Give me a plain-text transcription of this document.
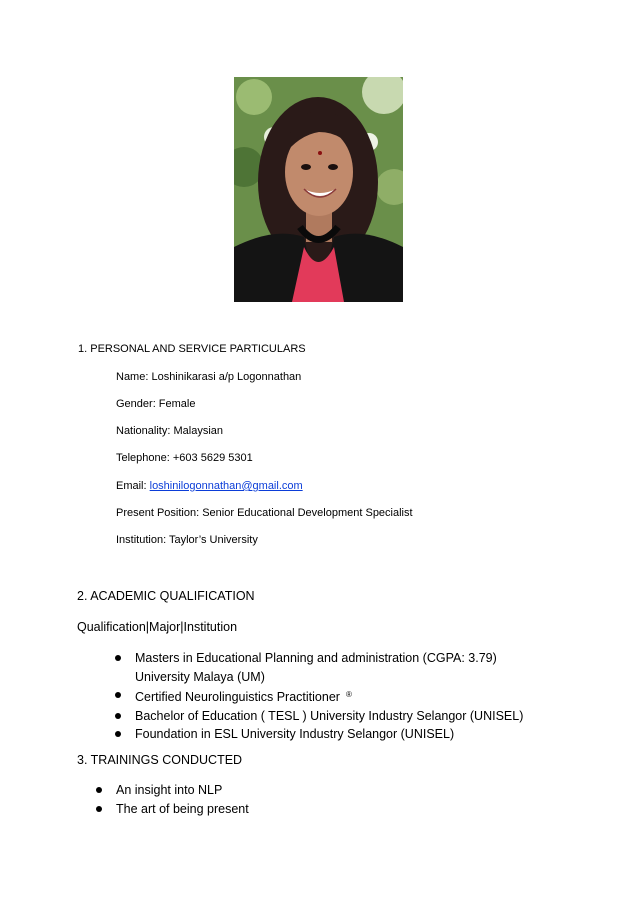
1. PERSONAL AND SERVICE PARTICULARS
Name: Loshinikarasi a/p Logonnathan
Gender: Female
Nationality: Malaysian
Telephone: +603 5629 5301
Email: loshinilogonnathan@gmail.com
Present Position: Senior Educational Development Specialist
Institution: Taylor’s University
2. ACADEMIC QUALIFICATION
Qualification|Major|Institution
Masters in Educational Planning and administration (CGPA: 3.79) University Malaya (UM)
Certified Neurolinguistics Practitioner ®
Bachelor of Education ( TESL ) University Industry Selangor (UNISEL)
Foundation in ESL University Industry Selangor (UNISEL)
3. TRAININGS CONDUCTED
An insight into NLP
The art of being present
